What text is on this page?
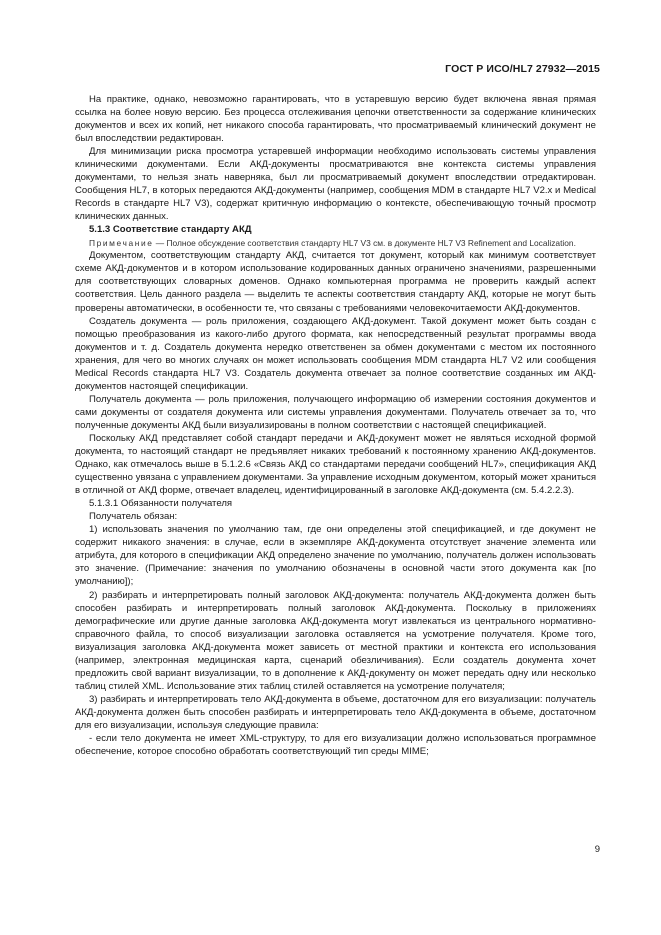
ГОСТ Р ИСО/HL7 27932—2015

На практике, однако, невозможно гарантировать, что в устаревшую версию будет включена явная прямая ссылка на более новую версию. Без процесса отслеживания цепочки ответственности за содержание клинических документов и всех их копий, нет никакого способа гарантировать, что просматриваемый клинический документ не был впоследствии редактирован.

Для минимизации риска просмотра устаревшей информации необходимо использовать системы управления клиническими документами. Если АКД-документы просматриваются вне контекста системы управления документами, то нельзя знать наверняка, был ли просматриваемый документ впоследствии отредактирован. Сообщения HL7, в которых передаются АКД-документы (например, сообщения MDM в стандарте HL7 V2.x и Medical Records в стандарте HL7 V3), содержат критичную информацию о контексте, обеспечивающую точный просмотр клинических данных.

5.1.3 Соответствие стандарту АКД

Примечание — Полное обсуждение соответствия стандарту HL7 V3 см. в документе HL7 V3 Refinement and Localization.

Документом, соответствующим стандарту АКД, считается тот документ, который как минимум соответствует схеме АКД-документов и в котором использование кодированных данных ограничено значениями, разрешенными для соответствующих словарных доменов. Однако компьютерная программа не проверить каждый аспект соответствия. Цель данного раздела — выделить те аспекты соответствия стандарту АКД, которые не могут быть проверены автоматически, в особенности те, что связаны с требованиями человекочитаемости АКД-документов.

Создатель документа — роль приложения, создающего АКД-документ. Такой документ может быть создан с помощью преобразования из какого-либо другого формата, как непосредственный результат программы ввода документов и т. д. Создатель документа нередко ответственен за обмен документами с местом их постоянного хранения, для чего во многих случаях он может использовать сообщения MDM стандарта HL7 V2 или сообщения Medical Records стандарта HL7 V3. Создатель документа отвечает за полное соответствие созданных им АКД-документов настоящей спецификации.

Получатель документа — роль приложения, получающего информацию об измерении состояния документов и сами документы от создателя документа или системы управления документами. Получатель отвечает за то, что полученные документы АКД были визуализированы в полном соответствии с настоящей спецификацией.

Поскольку АКД представляет собой стандарт передачи и АКД-документ может не являться исходной формой документа, то настоящий стандарт не предъявляет никаких требований к постоянному хранению АКД-документов. Однако, как отмечалось выше в 5.1.2.6 «Связь АКД со стандартами передачи сообщений HL7», спецификация АКД существенно увязана с управлением документами. За управление исходным документом, который может храниться в отличной от АКД форме, отвечает владелец, идентифицированный в заголовке АКД-документа (см. 5.4.2.2.3).

5.1.3.1 Обязанности получателя

Получатель обязан:

1) использовать значения по умолчанию там, где они определены этой спецификацией, и где документ не содержит никакого значения: в случае, если в экземпляре АКД-документа отсутствует значение элемента или атрибута, для которого в спецификации АКД определено значение по умолчанию, получатель должен использовать это значение. (Примечание: значения по умолчанию обозначены в основной части этого документа как [по умолчанию]);

2) разбирать и интерпретировать полный заголовок АКД-документа: получатель АКД-документа должен быть способен разбирать и интерпретировать полный заголовок АКД-документа. Поскольку в приложениях демографические или другие данные заголовка АКД-документа могут извлекаться из центрального нормативно-справочного файла, то способ визуализации заголовка оставляется на усмотрение получателя. Кроме того, визуализация заголовка АКД-документа может зависеть от местной практики и контекста его использования (например, электронная медицинская карта, сценарий обезличивания). Если создатель документа хочет предложить свой вариант визуализации, то в дополнение к АКД-документу он может передать одну или несколько таблиц стилей XML. Использование этих таблиц стилей оставляется на усмотрение получателя;

3) разбирать и интерпретировать тело АКД-документа в объеме, достаточном для его визуализации: получатель АКД-документа должен быть способен разбирать и интерпретировать тело АКД-документа в объеме, достаточном для его визуализации, используя следующие правила:

- если тело документа не имеет XML-структуру, то для его визуализации должно использоваться программное обеспечение, которое способно обработать соответствующий тип среды MIME;

9
